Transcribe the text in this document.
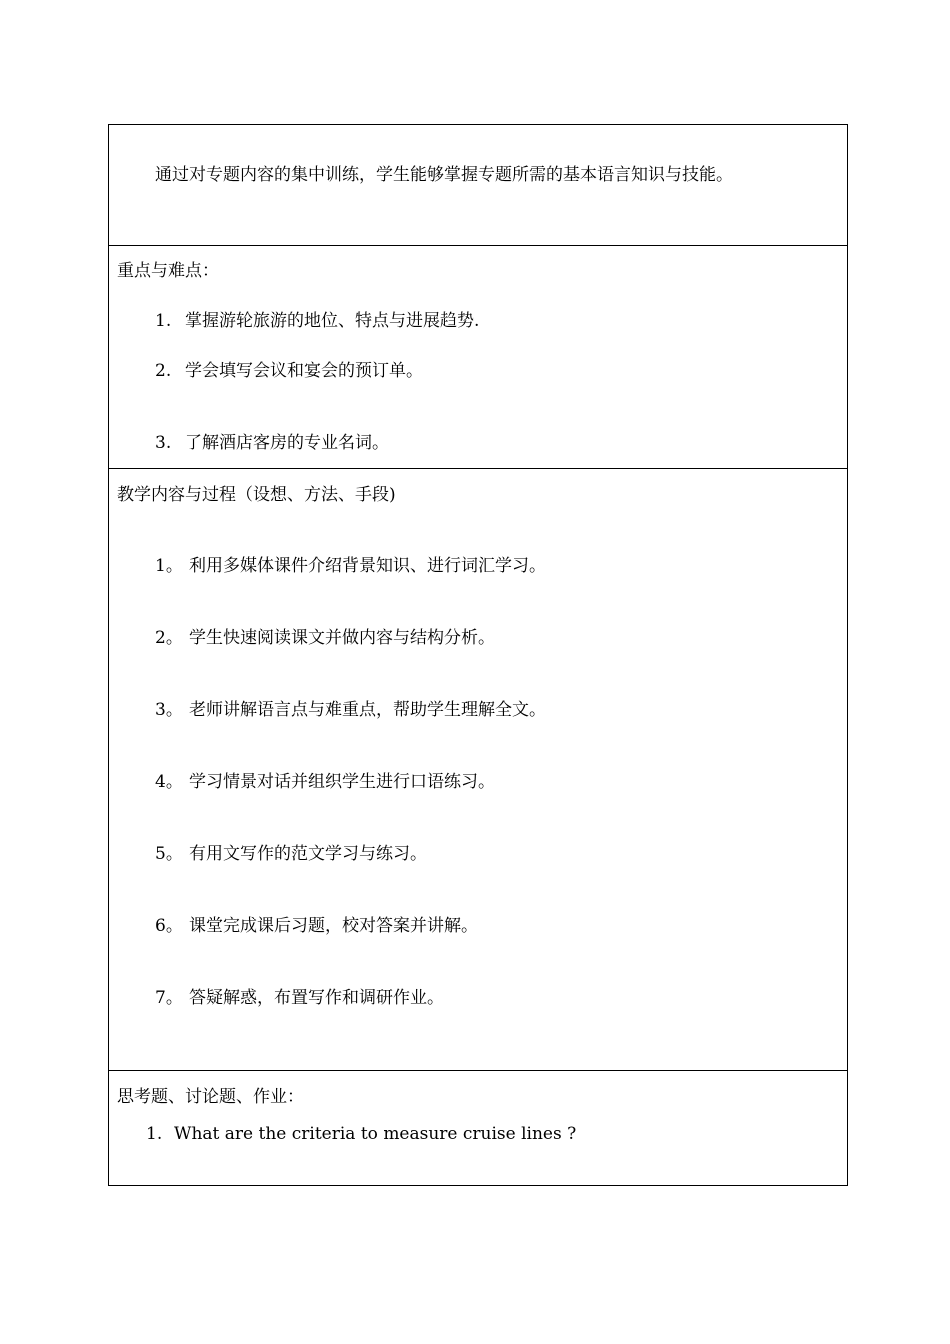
通过对专题内容的集中训练，学生能够掌握专题所需的基本语言知识与技能。
重点与难点：
1. 掌握游轮旅游的地位、特点与进展趋势.
2. 学会填写会议和宴会的预订单。
3. 了解酒店客房的专业名词。
教学内容与过程（设想、方法、手段)
1。 利用多媒体课件介绍背景知识、进行词汇学习。
2。 学生快速阅读课文并做内容与结构分析。
3。 老师讲解语言点与难重点，帮助学生理解全文。
4。 学习情景对话并组织学生进行口语练习。
5。 有用文写作的范文学习与练习。
6。 课堂完成课后习题，校对答案并讲解。
7。 答疑解惑，布置写作和调研作业。
思考题、讨论题、作业：
1. What are the criteria to measure cruise lines ?
